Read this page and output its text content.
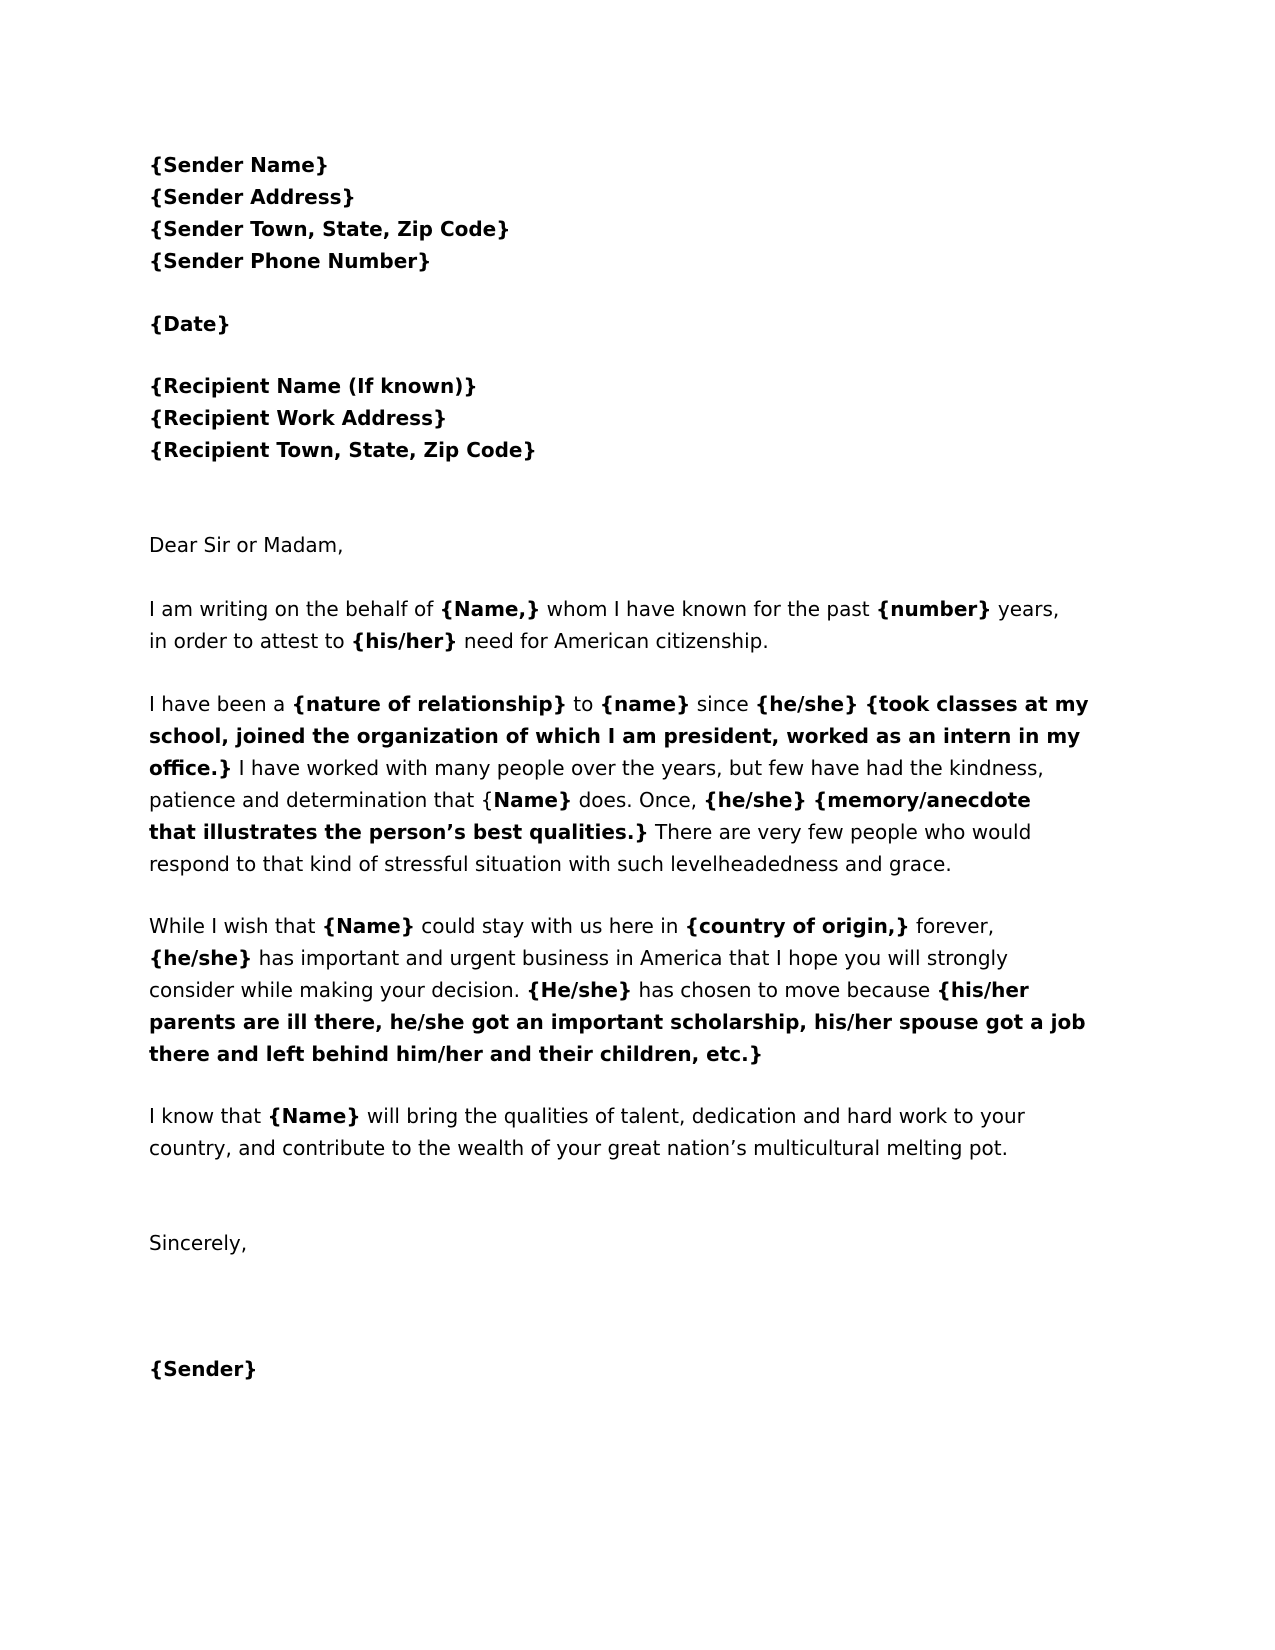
{Sender Name}
{Sender Address}
{Sender Town, State, Zip Code}
{Sender Phone Number}
{Date}
{Recipient Name (If known)}
{Recipient Work Address}
{Recipient Town, State, Zip Code}
Dear Sir or Madam,
I am writing on the behalf of {Name,} whom I have known for the past {number} years,
in order to attest to {his/her} need for American citizenship.
I have been a {nature of relationship} to {name} since {he/she} {took classes at my
school, joined the organization of which I am president, worked as an intern in my
office.} I have worked with many people over the years, but few have had the kindness,
patience and determination that {Name} does. Once, {he/she} {memory/anecdote
that illustrates the person’s best qualities.} There are very few people who would
respond to that kind of stressful situation with such levelheadedness and grace.
While I wish that {Name} could stay with us here in {country of origin,} forever,
{he/she} has important and urgent business in America that I hope you will strongly
consider while making your decision. {He/she} has chosen to move because {his/her
parents are ill there, he/she got an important scholarship, his/her spouse got a job
there and left behind him/her and their children, etc.}
I know that {Name} will bring the qualities of talent, dedication and hard work to your
country, and contribute to the wealth of your great nation’s multicultural melting pot.
Sincerely,
{Sender}
